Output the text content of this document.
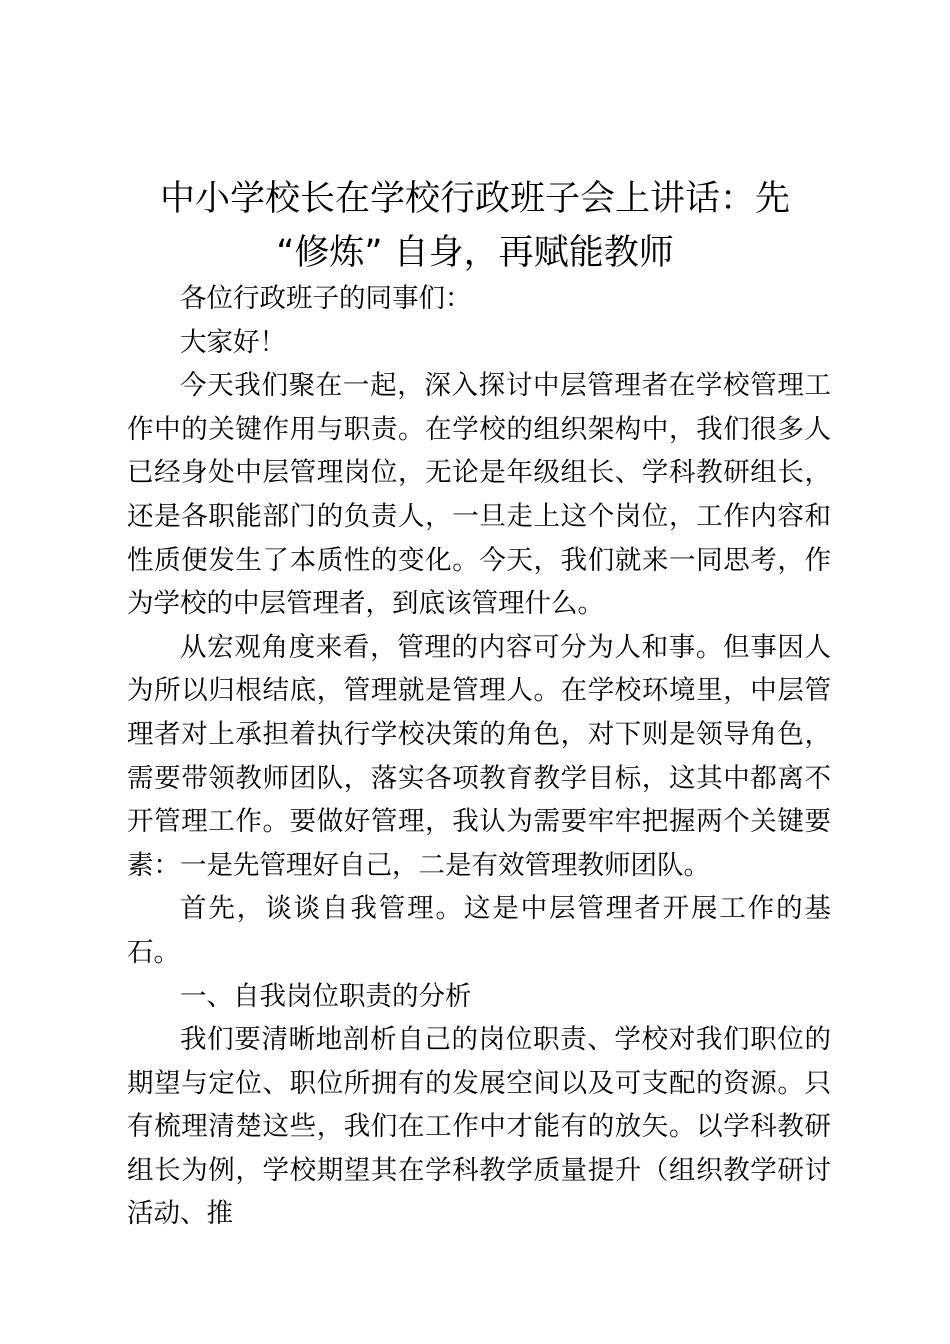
中小学校长在学校行政班子会上讲话：先
“修炼” 自身，再赋能教师

各位行政班子的同事们：

大家好！

今天我们聚在一起，深入探讨中层管理者在学校管理工作中的关键作用与职责。在学校的组织架构中，我们很多人已经身处中层管理岗位，无论是年级组长、学科教研组长，还是各职能部门的负责人，一旦走上这个岗位，工作内容和性质便发生了本质性的变化。今天，我们就来一同思考，作为学校的中层管理者，到底该管理什么。

从宏观角度来看，管理的内容可分为人和事。但事因人为所以归根结底，管理就是管理人。在学校环境里，中层管理者对上承担着执行学校决策的角色，对下则是领导角色，需要带领教师团队，落实各项教育教学目标，这其中都离不开管理工作。要做好管理，我认为需要牢牢把握两个关键要素：一是先管理好自己，二是有效管理教师团队。

首先，谈谈自我管理。这是中层管理者开展工作的基石。

一、自我岗位职责的分析

我们要清晰地剖析自己的岗位职责、学校对我们职位的期望与定位、职位所拥有的发展空间以及可支配的资源。只有梳理清楚这些，我们在工作中才能有的放矢。以学科教研组长为例，学校期望其在学科教学质量提升（组织教学研讨活动、推
